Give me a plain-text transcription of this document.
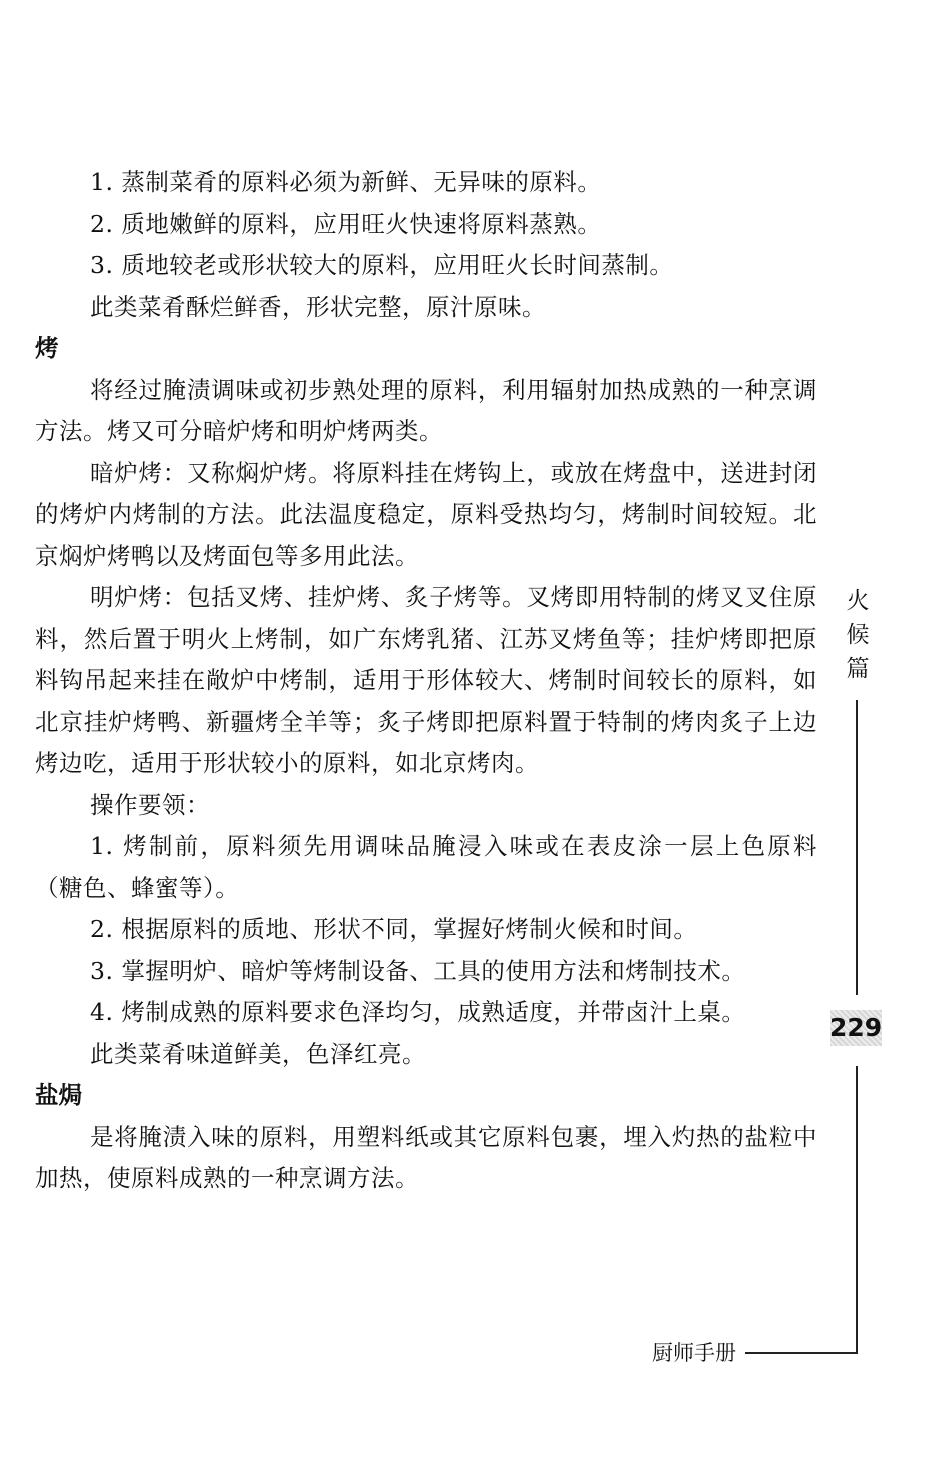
1. 蒸制菜肴的原料必须为新鲜、无异味的原料。

2. 质地嫩鲜的原料，应用旺火快速将原料蒸熟。

3. 质地较老或形状较大的原料，应用旺火长时间蒸制。

此类菜肴酥烂鲜香，形状完整，原汁原味。

烤

将经过腌渍调味或初步熟处理的原料，利用辐射加热成熟的一种烹调方法。烤又可分暗炉烤和明炉烤两类。

暗炉烤：又称焖炉烤。将原料挂在烤钩上，或放在烤盘中，送进封闭的烤炉内烤制的方法。此法温度稳定，原料受热均匀，烤制时间较短。北京焖炉烤鸭以及烤面包等多用此法。

明炉烤：包括叉烤、挂炉烤、炙子烤等。叉烤即用特制的烤叉叉住原料，然后置于明火上烤制，如广东烤乳猪、江苏叉烤鱼等；挂炉烤即把原料钩吊起来挂在敞炉中烤制，适用于形体较大、烤制时间较长的原料，如北京挂炉烤鸭、新疆烤全羊等；炙子烤即把原料置于特制的烤肉炙子上边烤边吃，适用于形状较小的原料，如北京烤肉。

操作要领：

1. 烤制前，原料须先用调味品腌浸入味或在表皮涂一层上色原料（糖色、蜂蜜等）。

2. 根据原料的质地、形状不同，掌握好烤制火候和时间。

3. 掌握明炉、暗炉等烤制设备、工具的使用方法和烤制技术。

4. 烤制成熟的原料要求色泽均匀，成熟适度，并带卤汁上桌。

此类菜肴味道鲜美，色泽红亮。

盐焗

是将腌渍入味的原料，用塑料纸或其它原料包裹，埋入灼热的盐粒中加热，使原料成熟的一种烹调方法。

火
候
篇
229
厨师手册
